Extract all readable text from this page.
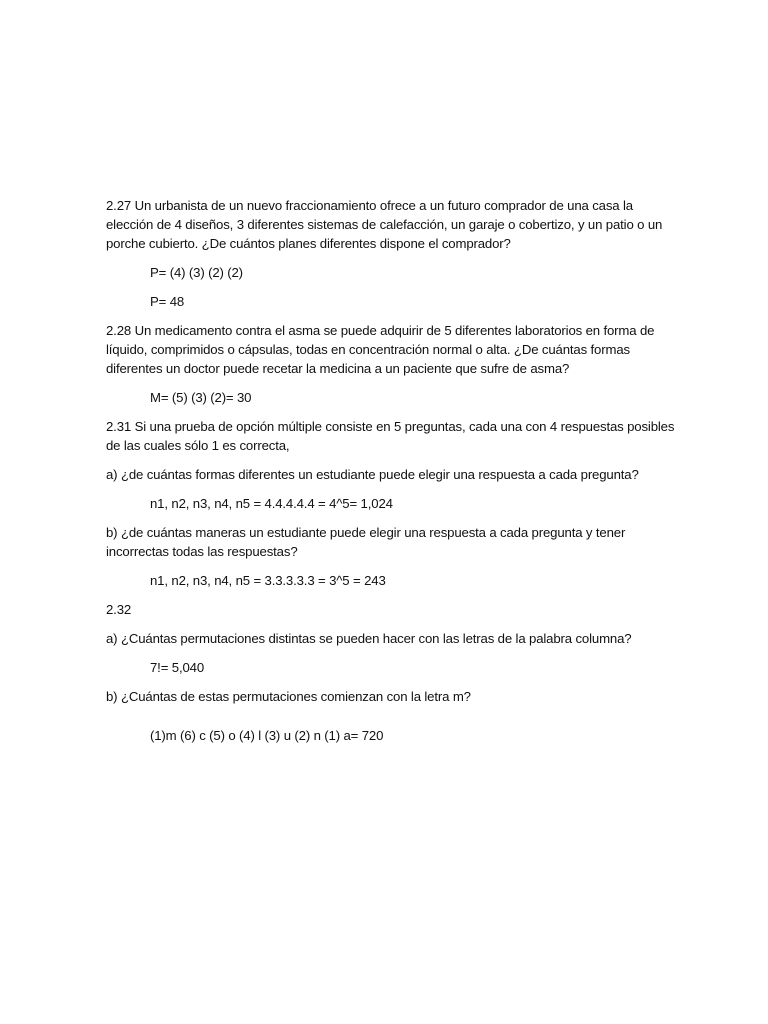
2.27 Un urbanista de un nuevo fraccionamiento ofrece a un futuro comprador de una casa la
elección de 4 diseños, 3 diferentes sistemas de calefacción, un garaje o cobertizo, y un patio o un
porche cubierto. ¿De cuántos planes diferentes dispone el comprador?
P= (4) (3) (2) (2)
P= 48
2.28 Un medicamento contra el asma se puede adquirir de 5 diferentes laboratorios en forma de
líquido, comprimidos o cápsulas, todas en concentración normal o alta. ¿De cuántas formas
diferentes un doctor puede recetar la medicina a un paciente que sufre de asma?
M= (5) (3) (2)= 30
2.31 Si una prueba de opción múltiple consiste en 5 preguntas, cada una con 4 respuestas posibles
de las cuales sólo 1 es correcta,
a) ¿de cuántas formas diferentes un estudiante puede elegir una respuesta a cada pregunta?
n1, n2, n3, n4, n5 = 4.4.4.4.4 = 4^5= 1,024
b) ¿de cuántas maneras un estudiante puede elegir una respuesta a cada pregunta y tener
incorrectas todas las respuestas?
n1, n2, n3, n4, n5 = 3.3.3.3.3 = 3^5 = 243
2.32
a) ¿Cuántas permutaciones distintas se pueden hacer con las letras de la palabra columna?
7!= 5,040
b) ¿Cuántas de estas permutaciones comienzan con la letra m?
(1)m (6) c (5) o (4) l (3) u (2) n (1) a= 720
